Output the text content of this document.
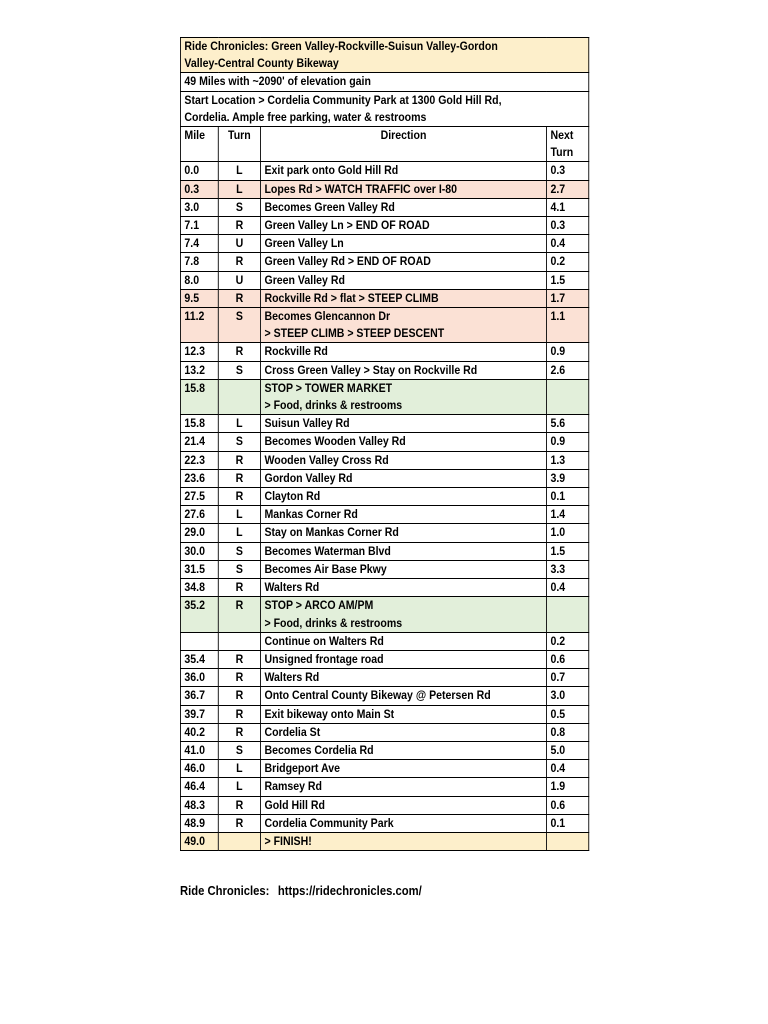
Ride Chronicles: Green Valley-Rockville-Suisun Valley-Gordon
Valley-Central County Bikeway			

49 Miles with ~2090' of elevation gain			

Start Location > Cordelia Community Park at 1300 Gold Hill Rd,
Cordelia. Ample free parking, water & restrooms			

Mile	Turn	Direction	Next
Turn

0.0	L	Exit park onto Gold Hill Rd	0.3
0.3	L	Lopes Rd > WATCH TRAFFIC over I-80	2.7
3.0	S	Becomes Green Valley Rd	4.1
7.1	R	Green Valley Ln > END OF ROAD	0.3
7.4	U	Green Valley Ln	0.4
7.8	R	Green Valley Rd > END OF ROAD	0.2
8.0	U	Green Valley Rd	1.5
9.5	R	Rockville Rd > flat > STEEP CLIMB	1.7
11.2	S	Becomes Glencannon Dr
> STEEP CLIMB > STEEP DESCENT	1.1
12.3	R	Rockville Rd	0.9
13.2	S	Cross Green Valley > Stay on Rockville Rd	2.6
15.8		STOP > TOWER MARKET
> Food, drinks & restrooms	

15.8	L	Suisun Valley Rd	5.6
21.4	S	Becomes Wooden Valley Rd	0.9
22.3	R	Wooden Valley Cross Rd	1.3
23.6	R	Gordon Valley Rd	3.9
27.5	R	Clayton Rd	0.1
27.6	L	Mankas Corner Rd	1.4
29.0	L	Stay on Mankas Corner Rd	1.0
30.0	S	Becomes Waterman Blvd	1.5
31.5	S	Becomes Air Base Pkwy	3.3
34.8	R	Walters Rd	0.4
35.2	R	STOP > ARCO AM/PM
> Food, drinks & restrooms	

		Continue on Walters Rd	0.2
35.4	R	Unsigned frontage road	0.6
36.0	R	Walters Rd	0.7
36.7	R	Onto Central County Bikeway @ Petersen Rd	3.0
39.7	R	Exit bikeway onto Main St	0.5
40.2	R	Cordelia St	0.8
41.0	S	Becomes Cordelia Rd	5.0
46.0	L	Bridgeport Ave	0.4
46.4	L	Ramsey Rd	1.9
48.3	R	Gold Hill Rd	0.6
48.9	R	Cordelia Community Park	0.1
49.0		> FINISH!	

Ride Chronicles: https://ridechronicles.com/
